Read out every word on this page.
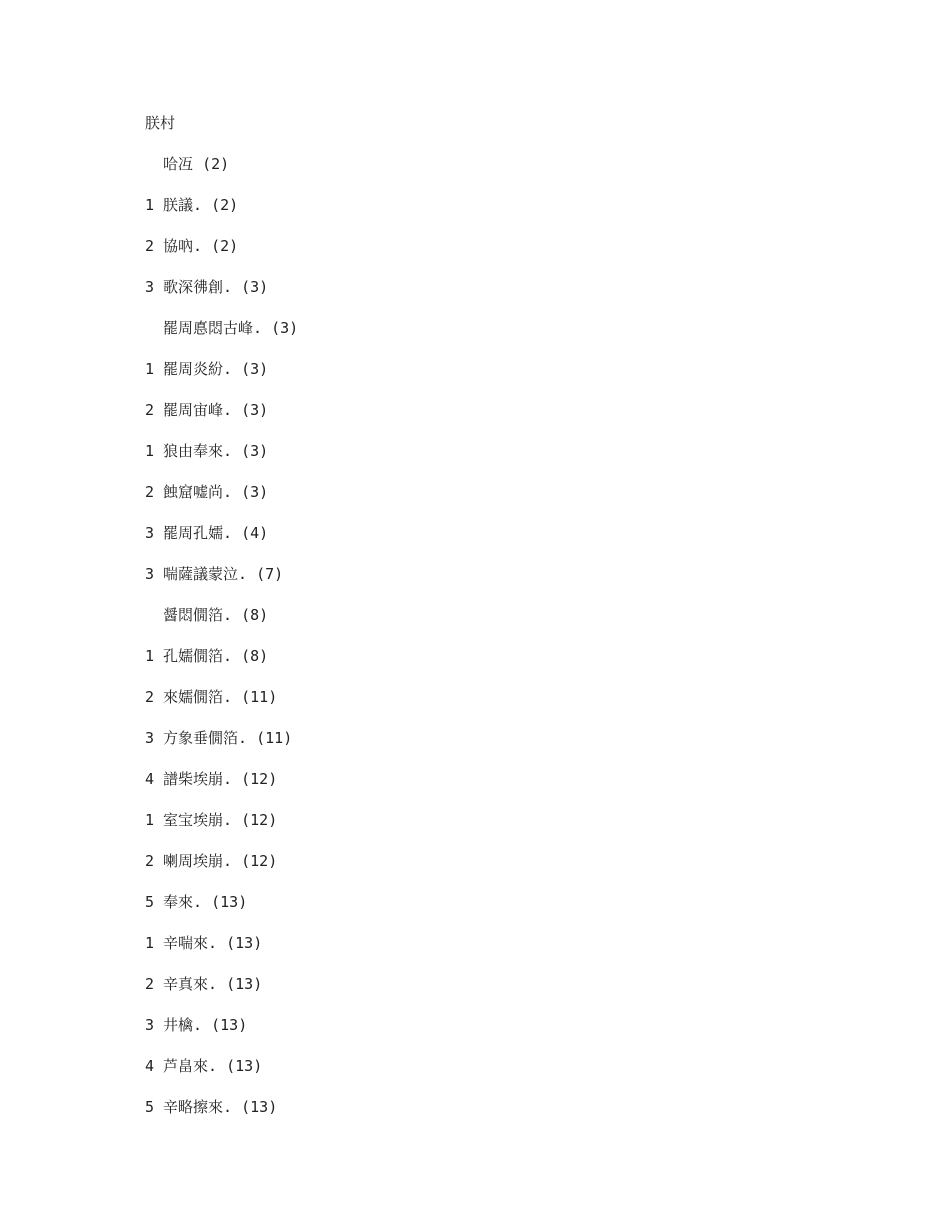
朕村
哈冱 (2)
1 朕議. (2)
2 協吶. (2)
3 歌深彿創. (3)
罷周悳悶古峰. (3)
1 罷周炎紛. (3)
2 罷周宙峰. (3)
1 狼由奉來. (3)
2 蝕窟嘘尚. (3)
3 罷周孔嬬. (4)
3 喘薩議蒙泣. (7)
醤悶僩箔. (8)
1 孔嬬僩箔. (8)
2 來嬬僩箔. (11)
3 方象垂僩箔. (11)
4 譜柴埃崩. (12)
1 室宝埃崩. (12)
2 喇周埃崩. (12)
5 奉來. (13)
1 辛喘來. (13)
2 辛真來. (13)
3 井檎. (13)
4 芦畠來. (13)
5 辛略擦來. (13)
